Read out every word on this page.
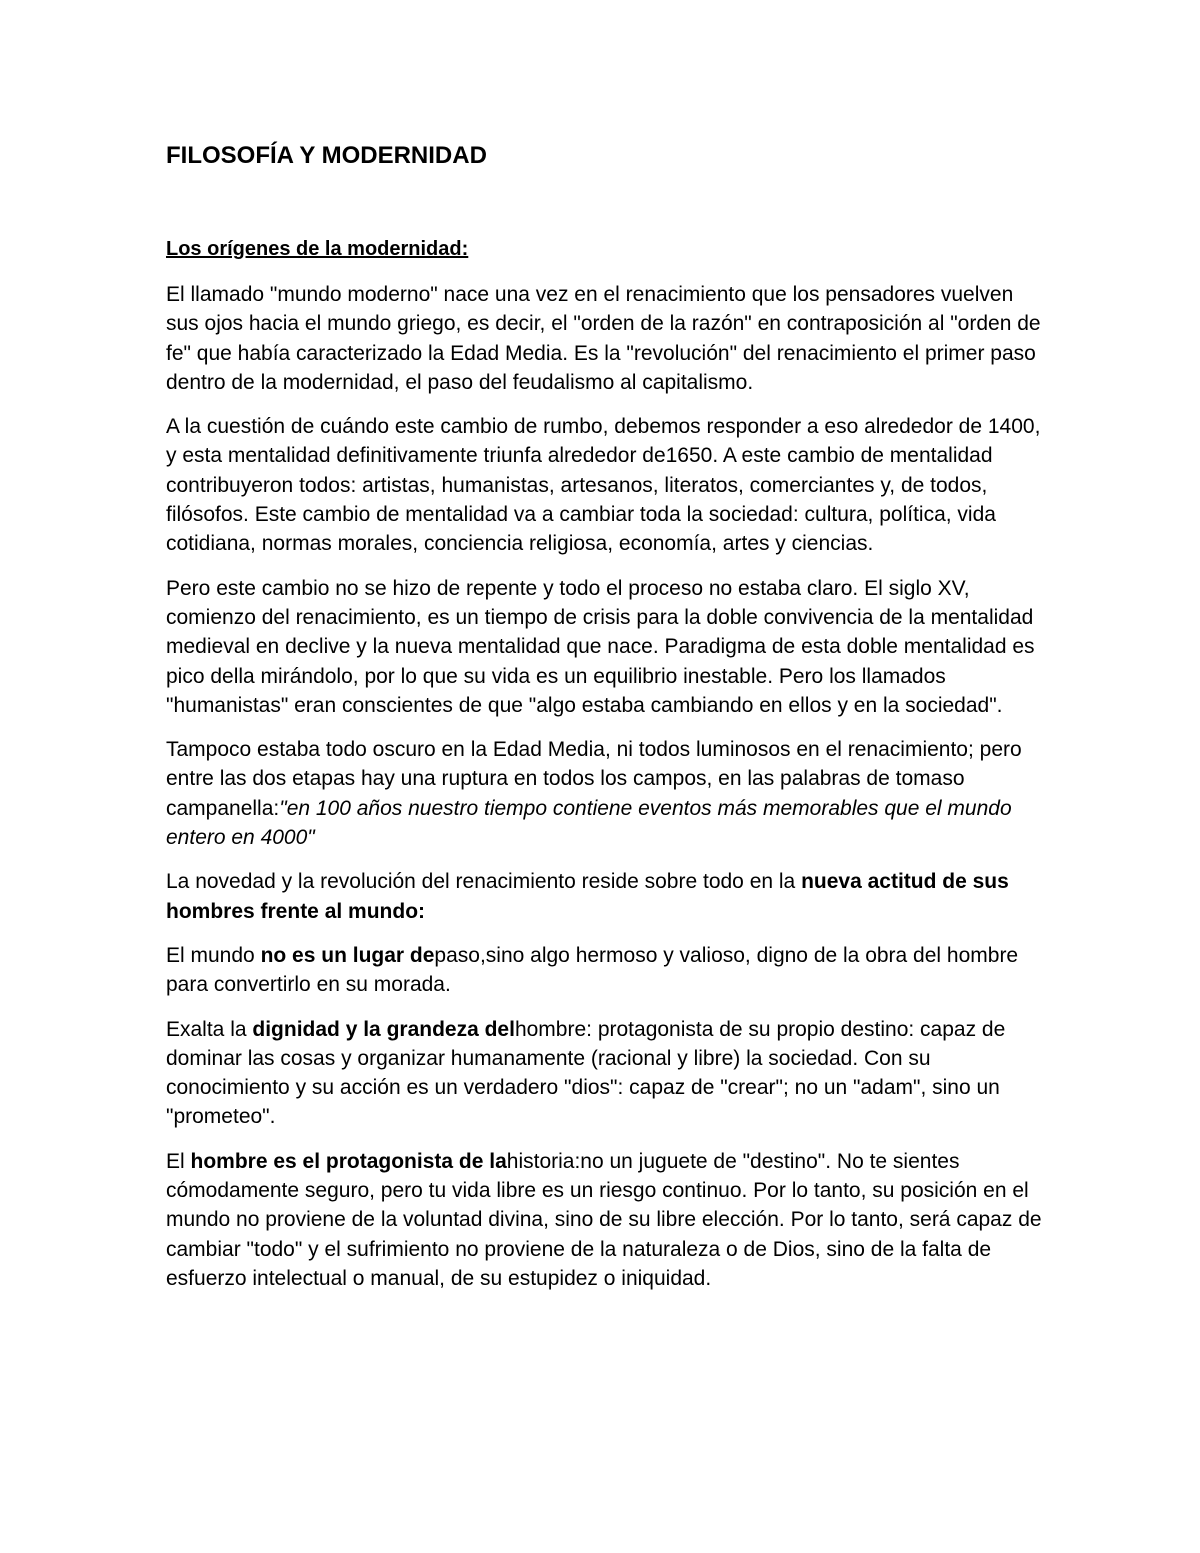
FILOSOFÍA Y MODERNIDAD
Los orígenes de la modernidad:

El llamado "mundo moderno" nace una vez en el renacimiento que los pensadores vuelven sus ojos hacia el mundo griego, es decir, el "orden de la razón" en contraposición al "orden de fe" que había caracterizado la Edad Media. Es la "revolución" del renacimiento el primer paso dentro de la modernidad, el paso del feudalismo al capitalismo.

A la cuestión de cuándo este cambio de rumbo, debemos responder a eso alrededor de 1400, y esta mentalidad definitivamente triunfa alrededor de1650. A este cambio de mentalidad contribuyeron todos: artistas, humanistas, artesanos, literatos, comerciantes y, de todos, filósofos. Este cambio de mentalidad va a cambiar toda la sociedad: cultura, política, vida cotidiana, normas morales, conciencia religiosa, economía, artes y ciencias.

Pero este cambio no se hizo de repente y todo el proceso no estaba claro. El siglo XV, comienzo del renacimiento, es un tiempo de crisis para la doble convivencia de la mentalidad medieval en declive y la nueva mentalidad que nace. Paradigma de esta doble mentalidad es pico della mirándolo, por lo que su vida es un equilibrio inestable. Pero los llamados "humanistas" eran conscientes de que "algo estaba cambiando en ellos y en la sociedad".

Tampoco estaba todo oscuro en la Edad Media, ni todos luminosos en el renacimiento; pero entre las dos etapas hay una ruptura en todos los campos, en las palabras de tomaso campanella:"en 100 años nuestro tiempo contiene eventos más memorables que el mundo entero en 4000"

La novedad y la revolución del renacimiento reside sobre todo en la nueva actitud de sus hombres frente al mundo:

El mundo no es un lugar depaso,sino algo hermoso y valioso, digno de la obra del hombre para convertirlo en su morada.

Exalta la dignidad y la grandeza delhombre: protagonista de su propio destino: capaz de dominar las cosas y organizar humanamente (racional y libre) la sociedad. Con su conocimiento y su acción es un verdadero "dios": capaz de "crear"; no un "adam", sino un "prometeo".

El hombre es el protagonista de lahistoria:no un juguete de "destino". No te sientes cómodamente seguro, pero tu vida libre es un riesgo continuo. Por lo tanto, su posición en el mundo no proviene de la voluntad divina, sino de su libre elección. Por lo tanto, será capaz de cambiar "todo" y el sufrimiento no proviene de la naturaleza o de Dios, sino de la falta de esfuerzo intelectual o manual, de su estupidez o iniquidad.
